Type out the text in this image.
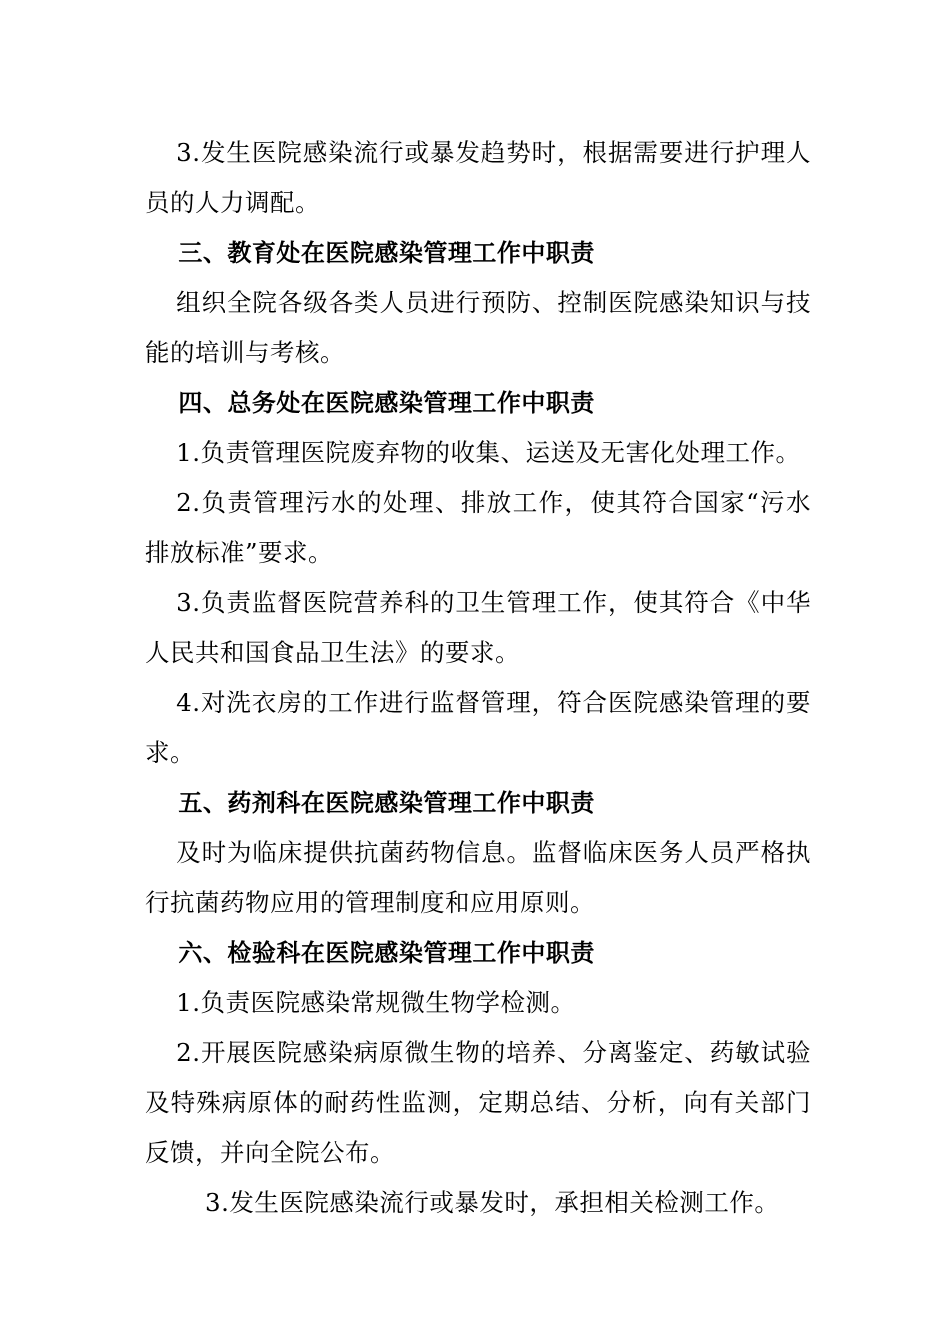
3.发生医院感染流行或暴发趋势时，根据需要进行护理人员的人力调配。

三、教育处在医院感染管理工作中职责

组织全院各级各类人员进行预防、控制医院感染知识与技能的培训与考核。

四、总务处在医院感染管理工作中职责

1.负责管理医院废弃物的收集、运送及无害化处理工作。

2.负责管理污水的处理、排放工作，使其符合国家“污水排放标准”要求。

3.负责监督医院营养科的卫生管理工作，使其符合《中华人民共和国食品卫生法》的要求。

4.对洗衣房的工作进行监督管理，符合医院感染管理的要求。

五、药剂科在医院感染管理工作中职责

及时为临床提供抗菌药物信息。监督临床医务人员严格执行抗菌药物应用的管理制度和应用原则。

六、检验科在医院感染管理工作中职责

1.负责医院感染常规微生物学检测。

2.开展医院感染病原微生物的培养、分离鉴定、药敏试验及特殊病原体的耐药性监测，定期总结、分析，向有关部门反馈，并向全院公布。

3.发生医院感染流行或暴发时，承担相关检测工作。
